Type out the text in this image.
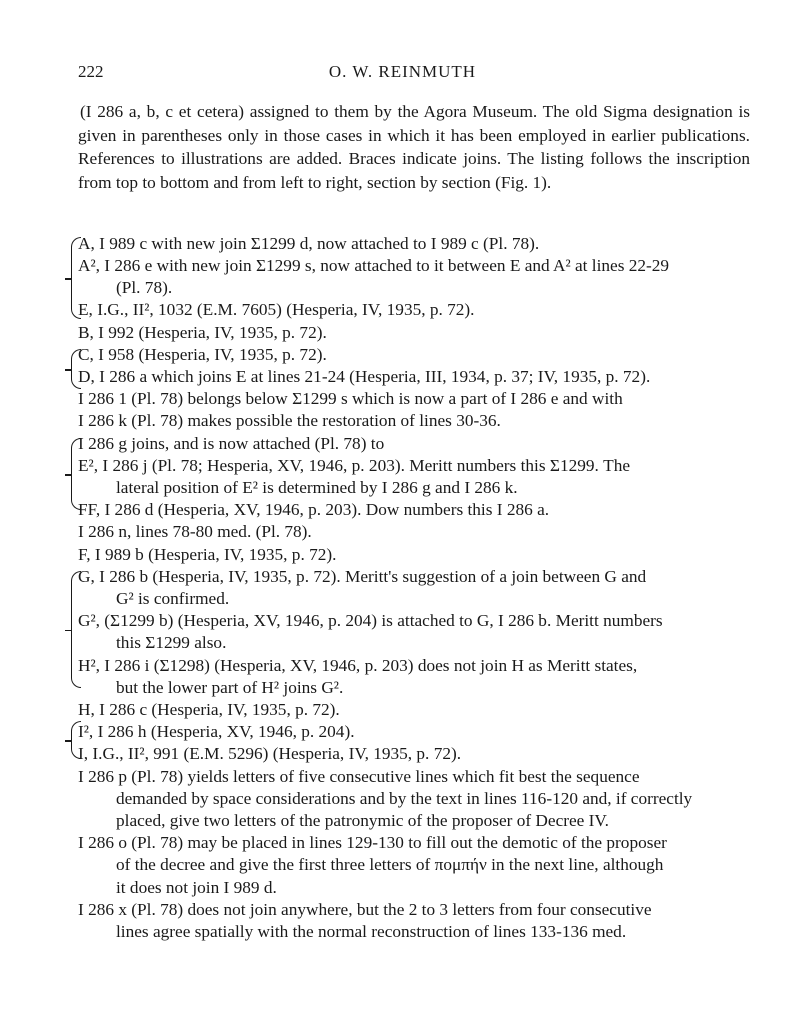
222	O. W. REINMUTH

(I 286 a, b, c et cetera) assigned to them by the Agora Museum. The old Sigma designation is given in parentheses only in those cases in which it has been employed in earlier publications. References to illustrations are added. Braces indicate joins. The listing follows the inscription from top to bottom and from left to right, section by section (Fig. 1).

A, I 989 c with new join Σ1299 d, now attached to I 989 c (Pl. 78).
A², I 286 e with new join Σ1299 s, now attached to it between E and A² at lines 22-29
(Pl. 78).
E, I.G., II², 1032 (E.M. 7605) (Hesperia, IV, 1935, p. 72).
B, I 992 (Hesperia, IV, 1935, p. 72).
C, I 958 (Hesperia, IV, 1935, p. 72).
D, I 286 a which joins E at lines 21-24 (Hesperia, III, 1934, p. 37; IV, 1935, p. 72).
I 286 1 (Pl. 78) belongs below Σ1299 s which is now a part of I 286 e and with
I 286 k (Pl. 78) makes possible the restoration of lines 30-36.
I 286 g joins, and is now attached (Pl. 78) to
E², I 286 j (Pl. 78; Hesperia, XV, 1946, p. 203). Meritt numbers this Σ1299. The
lateral position of E² is determined by I 286 g and I 286 k.
FF, I 286 d (Hesperia, XV, 1946, p. 203). Dow numbers this I 286 a.
I 286 n, lines 78-80 med. (Pl. 78).
F, I 989 b (Hesperia, IV, 1935, p. 72).
G, I 286 b (Hesperia, IV, 1935, p. 72). Meritt's suggestion of a join between G and
G² is confirmed.
G², (Σ1299 b) (Hesperia, XV, 1946, p. 204) is attached to G, I 286 b. Meritt numbers
this Σ1299 also.
H², I 286 i (Σ1298) (Hesperia, XV, 1946, p. 203) does not join H as Meritt states,
but the lower part of H² joins G².
H, I 286 c (Hesperia, IV, 1935, p. 72).
I², I 286 h (Hesperia, XV, 1946, p. 204).
I, I.G., II², 991 (E.M. 5296) (Hesperia, IV, 1935, p. 72).
I 286 p (Pl. 78) yields letters of five consecutive lines which fit best the sequence
demanded by space considerations and by the text in lines 116-120 and, if correctly
placed, give two letters of the patronymic of the proposer of Decree IV.
I 286 o (Pl. 78) may be placed in lines 129-130 to fill out the demotic of the proposer
of the decree and give the first three letters of πομπήν in the next line, although
it does not join I 989 d.
I 286 x (Pl. 78) does not join anywhere, but the 2 to 3 letters from four consecutive
lines agree spatially with the normal reconstruction of lines 133-136 med.
